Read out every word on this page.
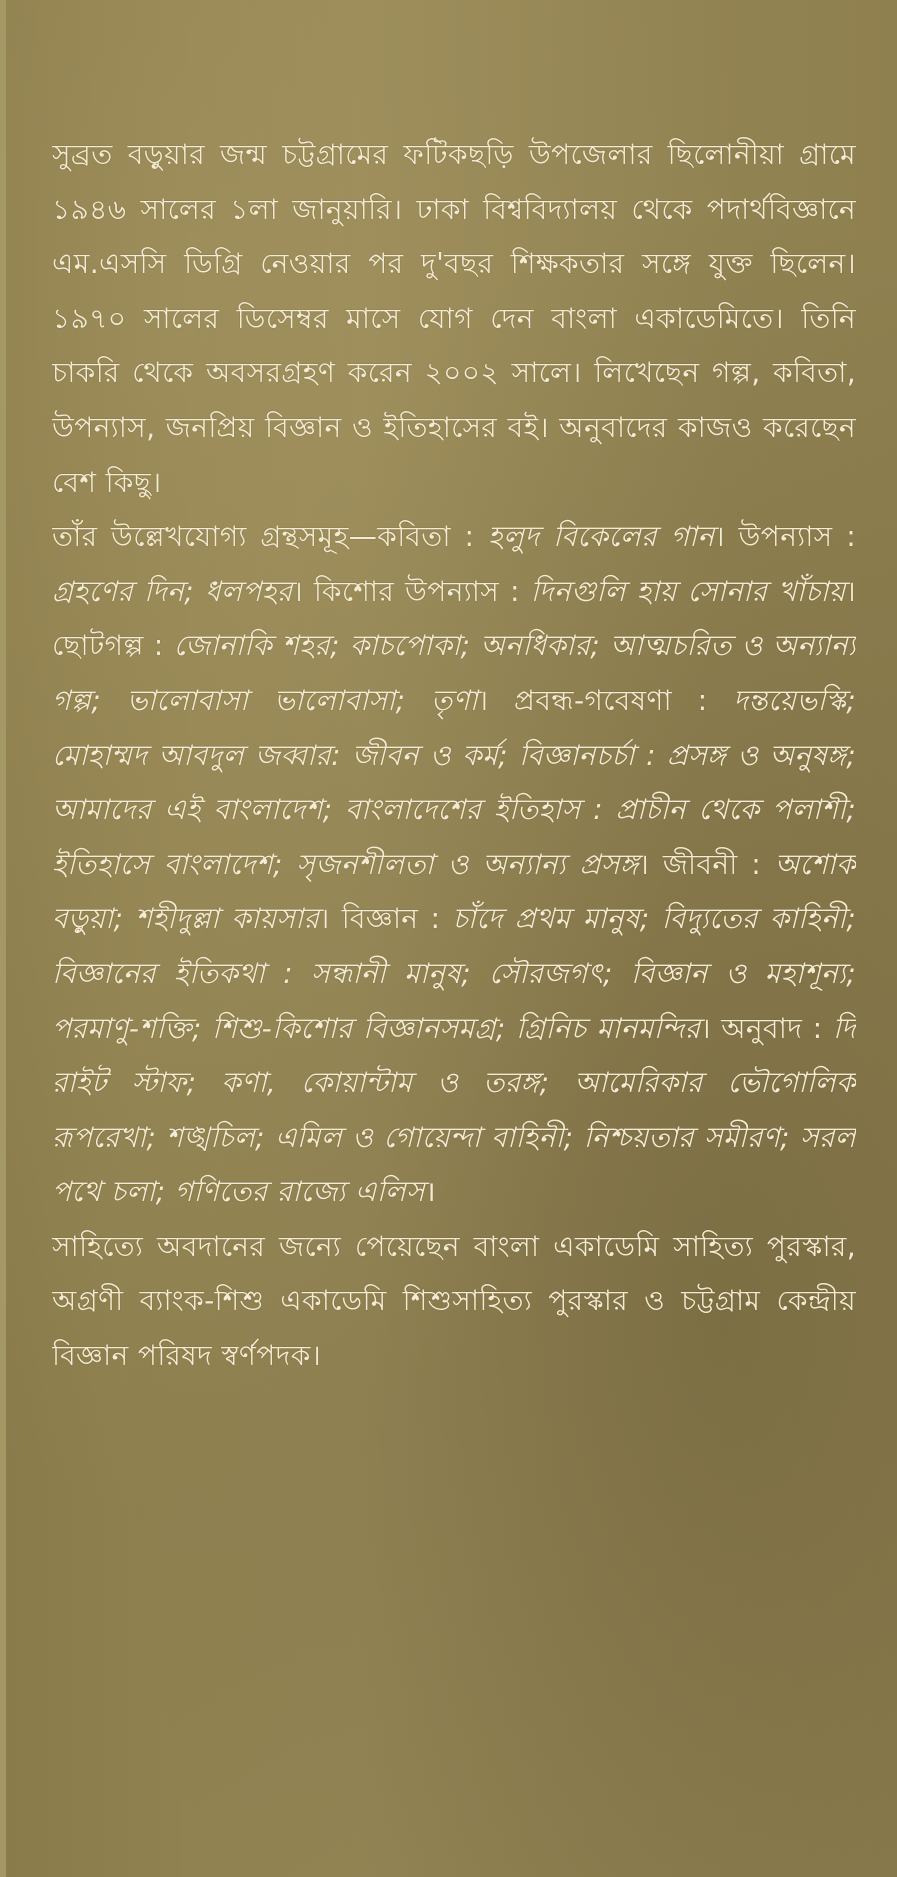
সুব্রত বড়ুয়ার জন্ম চট্টগ্রামের ফটিকছড়ি উপজেলার ছিলোনীয়া গ্রামে ১৯৪৬ সালের ১লা জানুয়ারি। ঢাকা বিশ্ববিদ্যালয় থেকে পদার্থবিজ্ঞানে এম.এসসি ডিগ্রি নেওয়ার পর দু'বছর শিক্ষকতার সঙ্গে যুক্ত ছিলেন। ১৯৭০ সালের ডিসেম্বর মাসে যোগ দেন বাংলা একাডেমিতে। তিনি চাকরি থেকে অবসরগ্রহণ করেন ২০০২ সালে। লিখেছেন গল্প, কবিতা, উপন্যাস, জনপ্রিয় বিজ্ঞান ও ইতিহাসের বই। অনুবাদের কাজও করেছেন বেশ কিছু।

তাঁর উল্লেখযোগ্য গ্রন্থসমূহ—কবিতা : হলুদ বিকেলের গান। উপন্যাস : গ্রহণের দিন; ধলপহর। কিশোর উপন্যাস : দিনগুলি হায় সোনার খাঁচায়। ছোটগল্প : জোনাকি শহর; কাচপোকা; অনধিকার; আত্মচরিত ও অন্যান্য গল্প; ভালোবাসা ভালোবাসা; তৃণা। প্রবন্ধ-গবেষণা : দন্তয়েভস্কি; মোহাম্মদ আবদুল জব্বার: জীবন ও কর্ম; বিজ্ঞানচর্চা : প্রসঙ্গ ও অনুষঙ্গ; আমাদের এই বাংলাদেশ; বাংলাদেশের ইতিহাস : প্রাচীন থেকে পলাশী; ইতিহাসে বাংলাদেশ; সৃজনশীলতা ও অন্যান্য প্রসঙ্গ। জীবনী : অশোক বড়ুয়া; শহীদুল্লা কায়সার। বিজ্ঞান : চাঁদে প্রথম মানুষ; বিদ্যুতের কাহিনী; বিজ্ঞানের ইতিকথা : সন্ধানী মানুষ; সৌরজগৎ; বিজ্ঞান ও মহাশূন্য; পরমাণু-শক্তি; শিশু-কিশোর বিজ্ঞানসমগ্র; গ্রিনিচ মানমন্দির। অনুবাদ : দি রাইট স্টাফ; কণা, কোয়ান্টাম ও তরঙ্গ; আমেরিকার ভৌগোলিক রূপরেখা; শঙ্খচিল; এমিল ও গোয়েন্দা বাহিনী; নিশ্চয়তার সমীরণ; সরল পথে চলা; গণিতের রাজ্যে এলিস।

সাহিত্যে অবদানের জন্যে পেয়েছেন বাংলা একাডেমি সাহিত্য পুরস্কার, অগ্রণী ব্যাংক-শিশু একাডেমি শিশুসাহিত্য পুরস্কার ও চট্টগ্রাম কেন্দ্রীয় বিজ্ঞান পরিষদ স্বর্ণপদক।
